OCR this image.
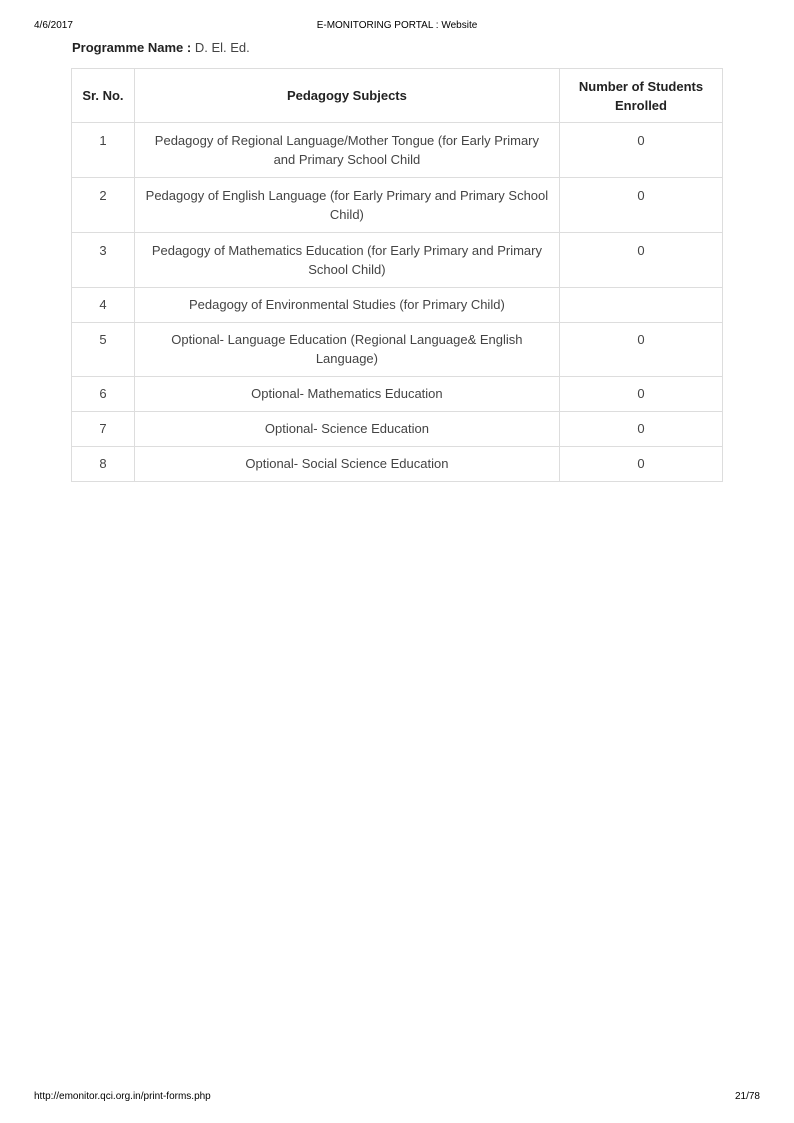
4/6/2017	E-MONITORING PORTAL : Website
Programme Name : D. El. Ed.
Sr. No.	Pedagogy Subjects	Number of Students Enrolled
1	Pedagogy of Regional Language/Mother Tongue (for Early Primary and Primary School Child	0
2	Pedagogy of English Language (for Early Primary and Primary School Child)	0
3	Pedagogy of Mathematics Education (for Early Primary and Primary School Child)	0
4	Pedagogy of Environmental Studies (for Primary Child)	
5	Optional- Language Education (Regional Language& English Language)	0
6	Optional- Mathematics Education	0
7	Optional- Science Education	0
8	Optional- Social Science Education	0
http://emonitor.qci.org.in/print-forms.php	21/78
